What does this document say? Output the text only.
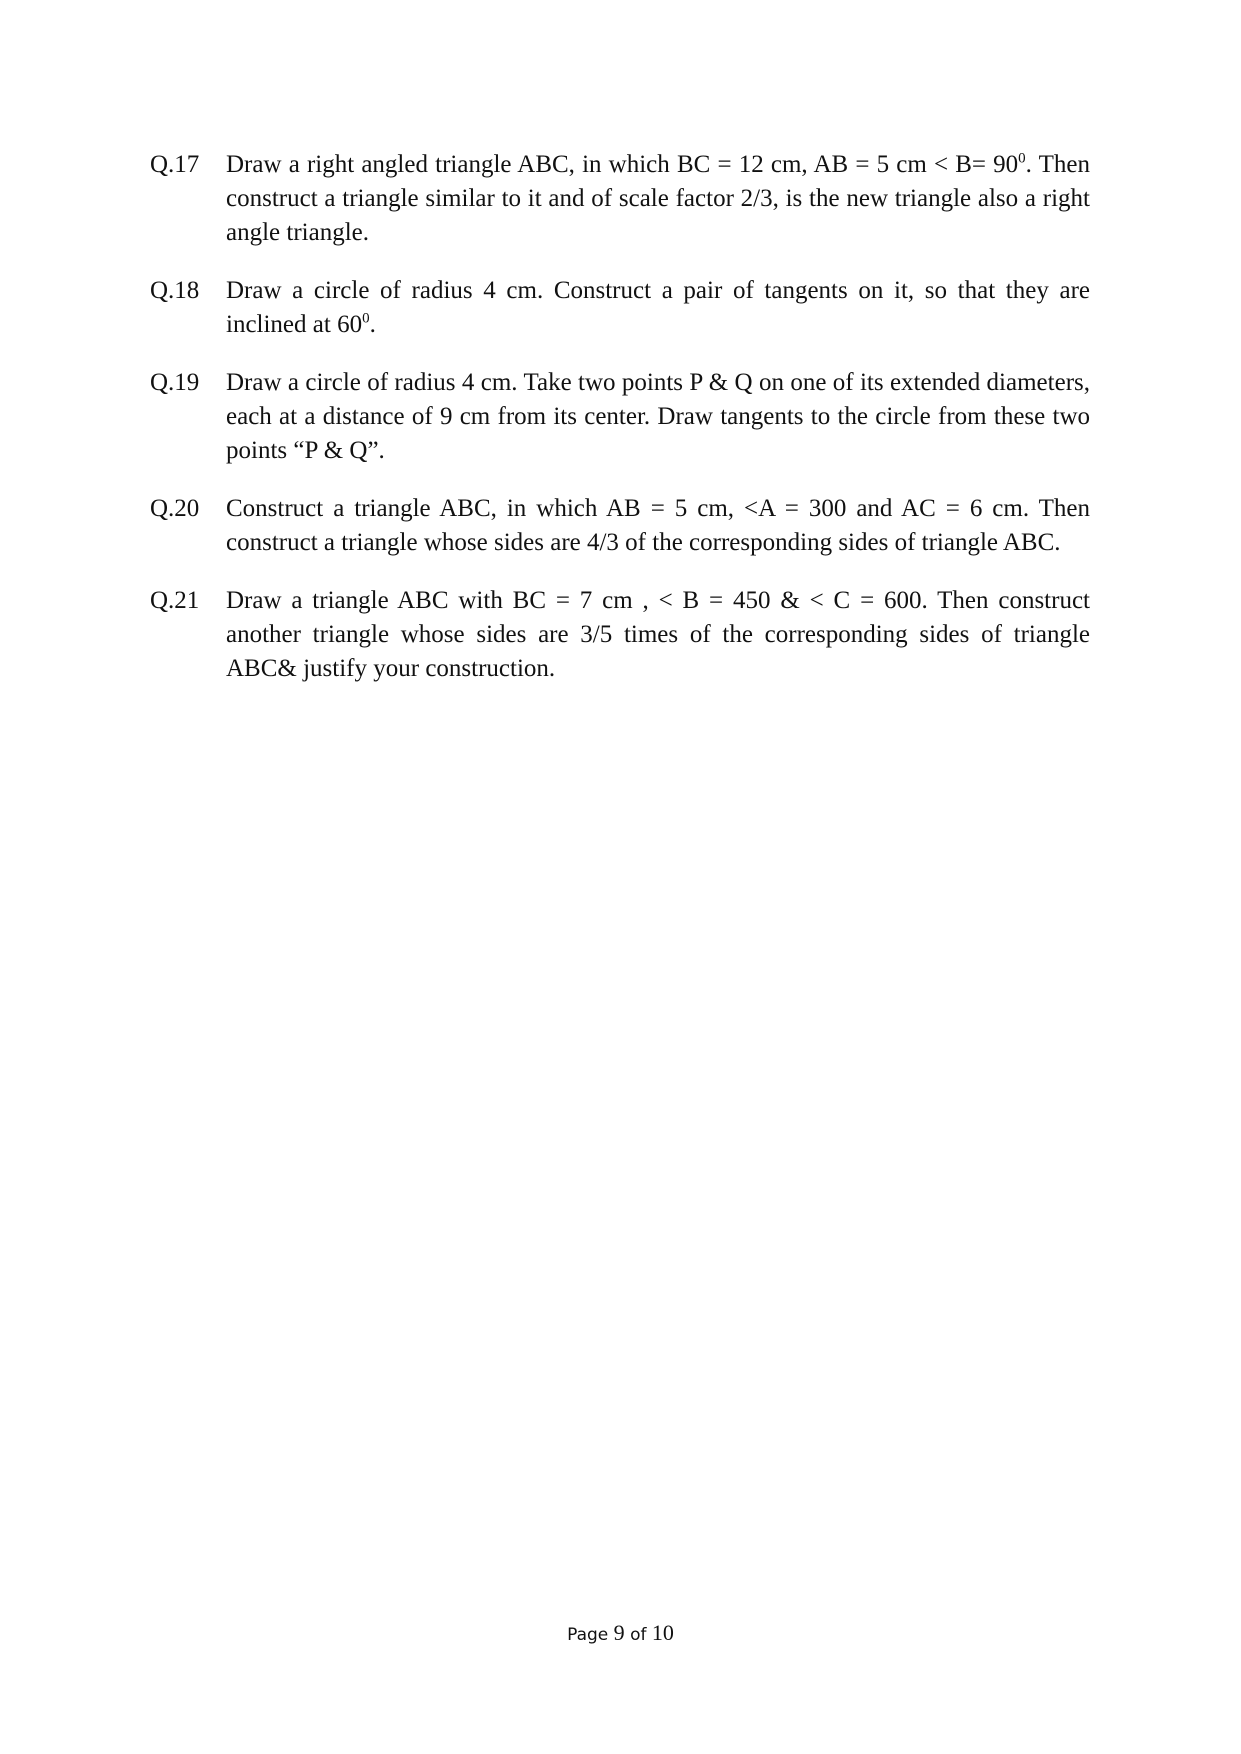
Q.17	Draw a right angled triangle ABC, in which BC = 12 cm, AB = 5 cm < $B= 90^0$. Then construct a triangle similar to it and of scale factor 2/3, is the new triangle also a right angle triangle.
Q.18	Draw a circle of radius 4 cm. Construct a pair of tangents on it, so that they are inclined at $60^0$.
Q.19	Draw a circle of radius 4 cm. Take two points P & Q on one of its extended diameters, each at a distance of 9 cm from its center. Draw tangents to the circle from these two points “P & Q”.
Q.20	Construct a triangle ABC, in which AB = 5 cm, <A = 300 and AC = 6 cm. Then construct a triangle whose sides are 4/3 of the corresponding sides of triangle ABC.
Q.21	Draw a triangle ABC with BC = 7 cm , < B = 450 & < C = 600. Then construct another triangle whose sides are 3/5 times of the corresponding sides of triangle ABC& justify your construction.
Page 9 of 10
